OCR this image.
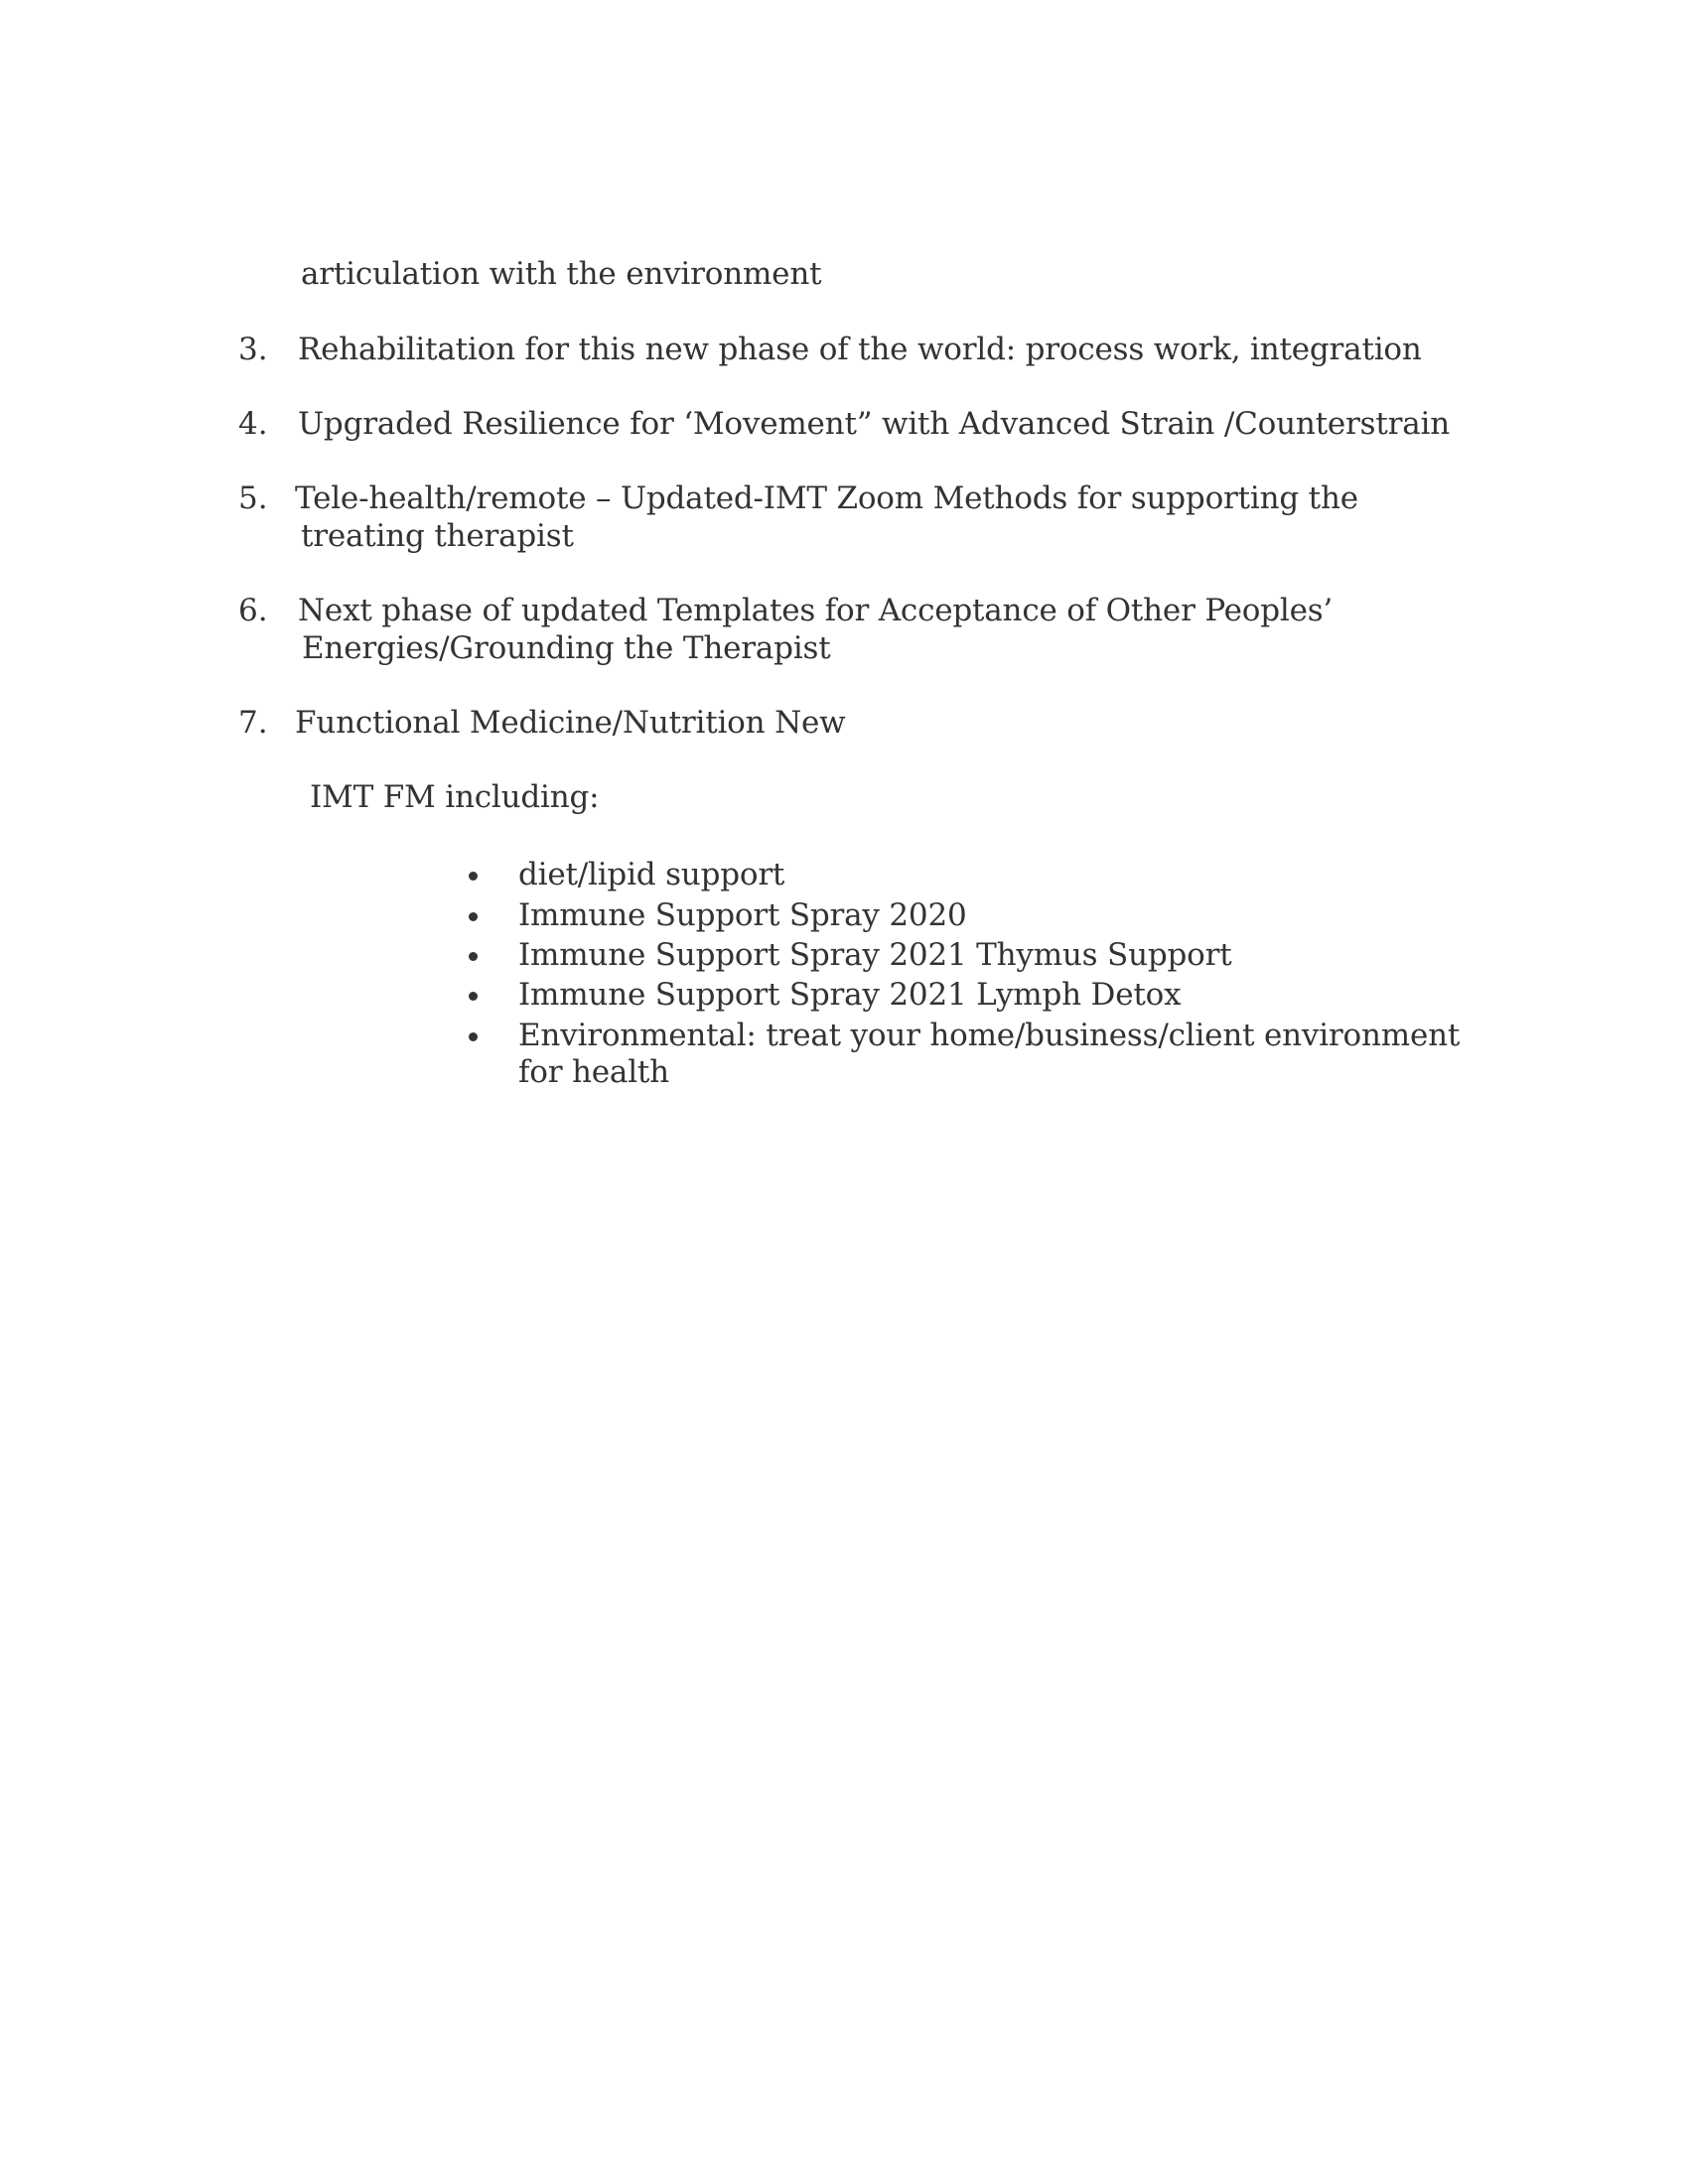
articulation with the environment
3. Rehabilitation for this new phase of the world: process work, integration
4. Upgraded Resilience for ‘Movement” with Advanced Strain /Counterstrain
5. Tele-health/remote – Updated-IMT Zoom Methods for supporting the
treating therapist
6. Next phase of updated Templates for Acceptance of Other Peoples’
Energies/Grounding the Therapist
7. Functional Medicine/Nutrition New
IMT FM including:
diet/lipid support
Immune Support Spray 2020
Immune Support Spray 2021 Thymus Support
Immune Support Spray 2021 Lymph Detox
Environmental: treat your home/business/client environment
for health
